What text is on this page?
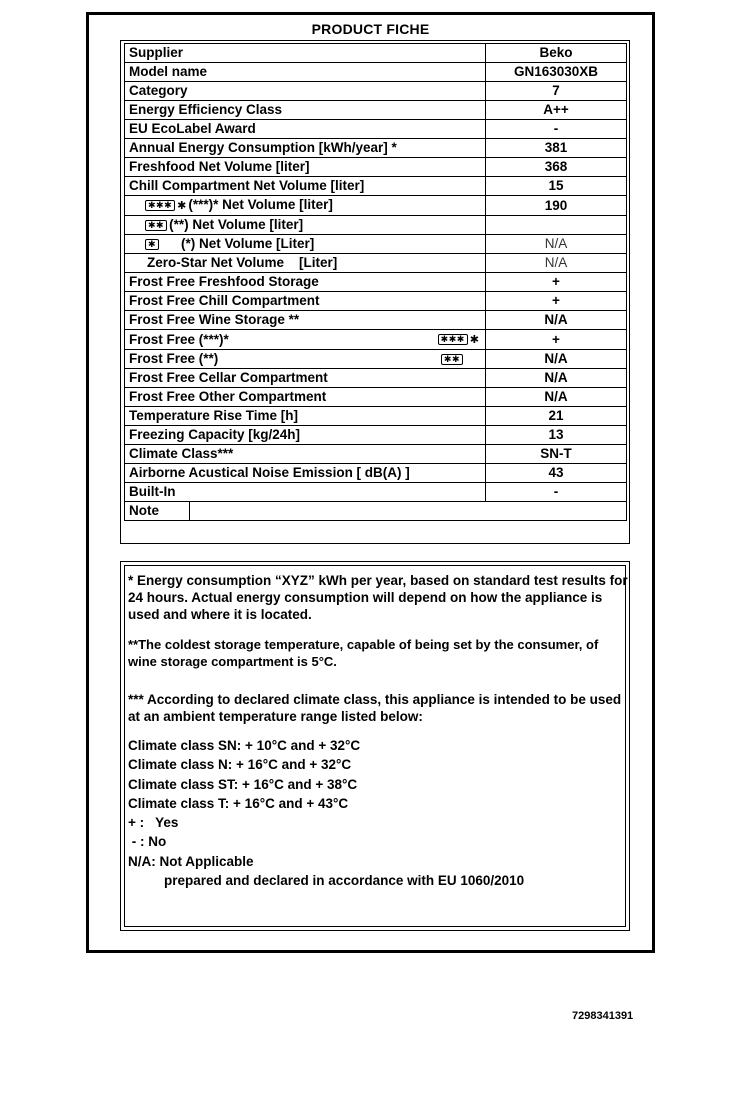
PRODUCT FICHE
Supplier	Beko
Model name	GN163030XB
Category	7
Energy Efficiency Class	A++
EU EcoLabel Award	-
Annual Energy Consumption [kWh/year] *	381
Freshfood Net Volume [liter]	368
Chill Compartment Net Volume [liter]	15
✱✱✱ ✱ (***)* Net Volume [liter]	190
✱✱ (**) Net Volume [liter]	
✱ (*) Net Volume [Liter]	N/A
Zero-Star Net Volume    [Liter]	N/A
Frost Free Freshfood Storage	+
Frost Free Chill Compartment	+
Frost Free Wine Storage **	N/A

Frost Free (***)* ✱✱✱ ✱	+

Frost Free (**) ✱✱	N/A
Frost Free Cellar Compartment	N/A
Frost Free Other Compartment	N/A
Temperature Rise Time [h]	21
Freezing Capacity [kg/24h]	13
Climate Class***	SN-T
Airborne Acustical Noise Emission [ dB(A) ]	43
Built-In	-

Note	

* Energy consumption “XYZ” kWh per year, based on standard test results for 24 hours. Actual energy consumption will depend on how the appliance is used and where it is located.

**The coldest storage temperature, capable of being set by the consumer, of wine storage compartment is 5°C.

*** According to declared climate class, this appliance is intended to be used at an ambient temperature range listed below:

Climate class SN: + 10°C and + 32°C

Climate class N: + 16°C and + 32°C

Climate class ST: + 16°C and + 38°C

Climate class T: + 16°C and + 43°C

+ :   Yes

- : No

N/A: Not Applicable

prepared and declared in accordance with EU 1060/2010

7298341391
